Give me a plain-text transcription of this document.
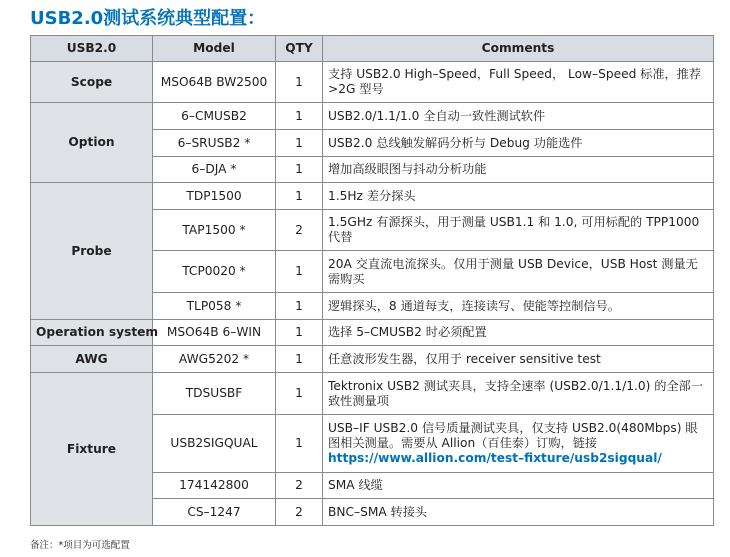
USB2.0测试系统典型配置：
USB2.0	Model	QTY	Comments
Scope	MSO64B BW2500	1	支持 USB2.0 High–Speed，Full Speed， Low–Speed 标准，推荐 >2G 型号
Option	6–CMUSB2	1	USB2.0/1.1/1.0 全自动一致性测试软件
	6–SRUSB2 *	1	USB2.0 总线触发解码分析与 Debug 功能选件
	6–DJA *	1	增加高级眼图与抖动分析功能
Probe	TDP1500	1	1.5Hz 差分探头
	TAP1500 *	2	1.5GHz 有源探头，用于测量 USB1.1 和 1.0, 可用标配的 TPP1000 代替
	TCP0020 *	1	20A 交直流电流探头。仅用于测量 USB Device，USB Host 测量无需购买
	TLP058 *	1	逻辑探头，8 通道每支，连接读写、使能等控制信号。
Operation system	MSO64B 6–WIN	1	选择 5–CMUSB2 时必须配置
AWG	AWG5202 *	1	任意波形发生器，仅用于 receiver sensitive test
Fixture	TDSUSBF	1	Tektronix USB2 测试夹具，支持全速率 (USB2.0/1.1/1.0) 的全部一致性测量项
	USB2SIGQUAL	1	USB–IF USB2.0 信号质量测试夹具，仅支持 USB2.0(480Mbps) 眼图相关测量。需要从 Allion（百佳泰）订购，链接
https://www.allion.com/test–fixture/usb2sigqual/
	174142800	2	SMA 线缆
	CS–1247	2	BNC–SMA 转接头
备注：*项目为可选配置
